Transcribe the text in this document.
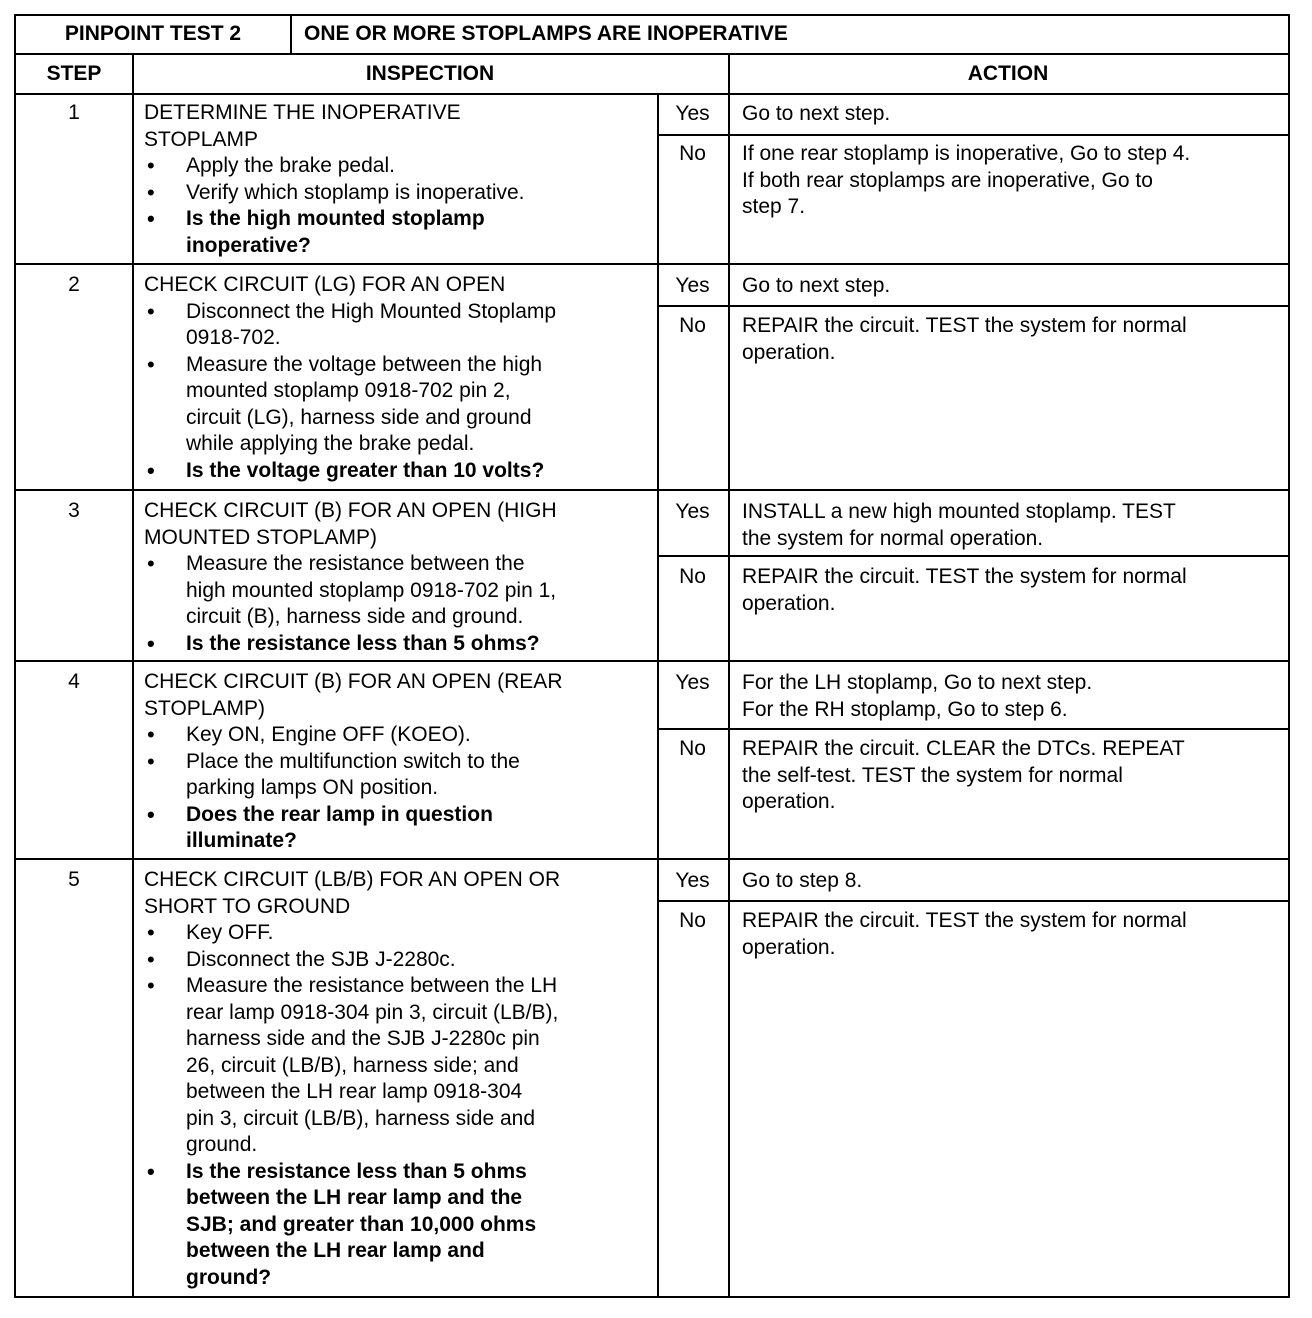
PINPOINT TEST 2	ONE OR MORE STOPLAMPS ARE INOPERATIVE
STEP	INSPECTION	ACTION
1	DETERMINE THE INOPERATIVE
STOPLAMP
• Apply the brake pedal.
• Verify which stoplamp is inoperative.
• Is the high mounted stoplamp
inoperative?
Yes	Go to next step.
No	If one rear stoplamp is inoperative, Go to step 4.
If both rear stoplamps are inoperative, Go to
step 7.
2	CHECK CIRCUIT (LG) FOR AN OPEN
• Disconnect the High Mounted Stoplamp
0918-702.
• Measure the voltage between the high
mounted stoplamp 0918-702 pin 2,
circuit (LG), harness side and ground
while applying the brake pedal.
• Is the voltage greater than 10 volts?
Yes	Go to next step.
No	REPAIR the circuit. TEST the system for normal
operation.
3	CHECK CIRCUIT (B) FOR AN OPEN (HIGH
MOUNTED STOPLAMP)
• Measure the resistance between the
high mounted stoplamp 0918-702 pin 1,
circuit (B), harness side and ground.
• Is the resistance less than 5 ohms?
Yes	INSTALL a new high mounted stoplamp. TEST
the system for normal operation.
No	REPAIR the circuit. TEST the system for normal
operation.
4	CHECK CIRCUIT (B) FOR AN OPEN (REAR
STOPLAMP)
• Key ON, Engine OFF (KOEO).
• Place the multifunction switch to the
parking lamps ON position.
• Does the rear lamp in question
illuminate?
Yes	For the LH stoplamp, Go to next step.
For the RH stoplamp, Go to step 6.
No	REPAIR the circuit. CLEAR the DTCs. REPEAT
the self-test. TEST the system for normal
operation.
5	CHECK CIRCUIT (LB/B) FOR AN OPEN OR
SHORT TO GROUND
• Key OFF.
• Disconnect the SJB J-2280c.
• Measure the resistance between the LH
rear lamp 0918-304 pin 3, circuit (LB/B),
harness side and the SJB J-2280c pin
26, circuit (LB/B), harness side; and
between the LH rear lamp 0918-304
pin 3, circuit (LB/B), harness side and
ground.
• Is the resistance less than 5 ohms
between the LH rear lamp and the
SJB; and greater than 10,000 ohms
between the LH rear lamp and
ground?
Yes	Go to step 8.
No	REPAIR the circuit. TEST the system for normal
operation.
